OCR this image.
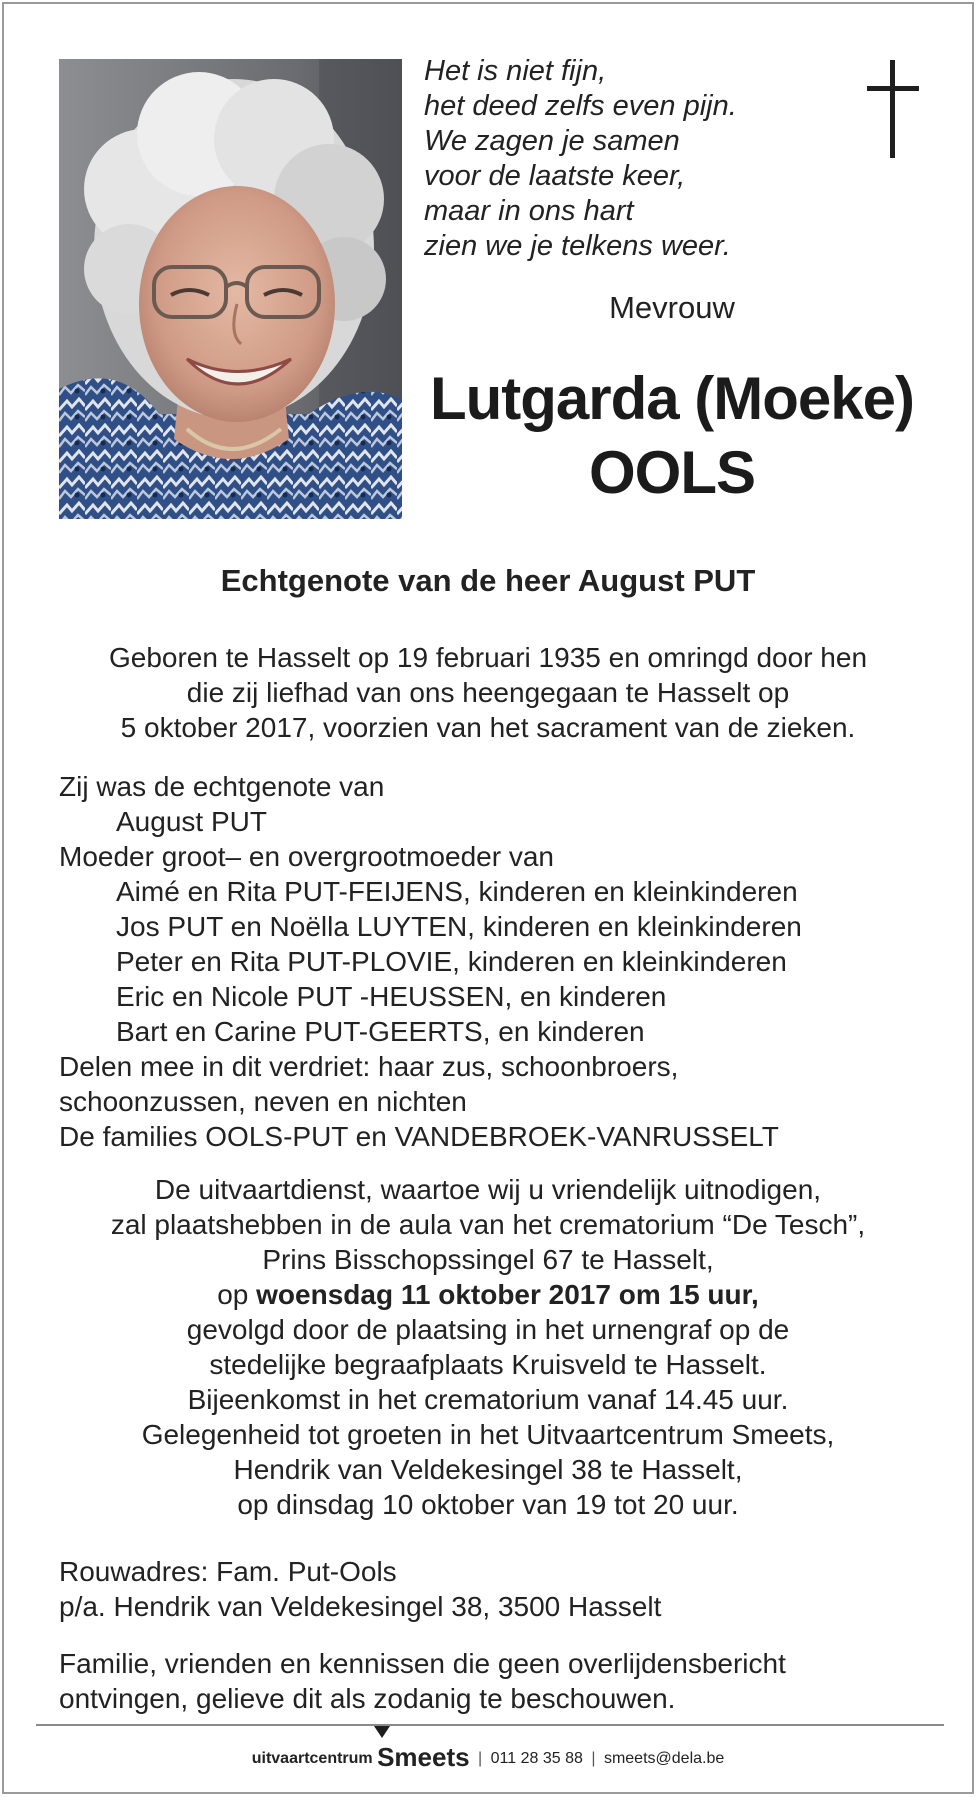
Het is niet fijn,
het deed zelfs even pijn.
We zagen je samen
voor de laatste keer,
maar in ons hart
zien we je telkens weer.
Mevrouw
Lutgarda (Moeke)
OOLS
Echtgenote van de heer August PUT
Geboren te Hasselt op 19 februari 1935 en omringd door hen
die zij liefhad van ons heengegaan te Hasselt op
5 oktober 2017, voorzien van het sacrament van de zieken.
Zij was de echtgenote van
August PUT
Moeder groot– en overgrootmoeder van
Aimé en Rita PUT-FEIJENS, kinderen en kleinkinderen
Jos PUT en Noëlla LUYTEN, kinderen en kleinkinderen
Peter en Rita PUT-PLOVIE, kinderen en kleinkinderen
Eric en Nicole PUT -HEUSSEN, en kinderen
Bart en Carine PUT-GEERTS, en kinderen
Delen mee in dit verdriet: haar zus, schoonbroers,
schoonzussen, neven en nichten
De families OOLS-PUT en VANDEBROEK-VANRUSSELT
De uitvaartdienst, waartoe wij u vriendelijk uitnodigen,
zal plaatshebben in de aula van het crematorium “De Tesch”,
Prins Bisschopssingel 67 te Hasselt,
op woensdag 11 oktober 2017 om 15 uur,
gevolgd door de plaatsing in het urnengraf op de
stedelijke begraafplaats Kruisveld te Hasselt.
Bijeenkomst in het crematorium vanaf 14.45 uur.
Gelegenheid tot groeten in het Uitvaartcentrum Smeets,
Hendrik van Veldekesingel 38 te Hasselt,
op dinsdag 10 oktober van 19 tot 20 uur.
Rouwadres: Fam. Put-Ools
p/a. Hendrik van Veldekesingel 38, 3500 Hasselt
Familie, vrienden en kennissen die geen overlijdensbericht
ontvingen, gelieve dit als zodanig te beschouwen.
uitvaartcentrum Smeets | 011 28 35 88 | smeets@dela.be
